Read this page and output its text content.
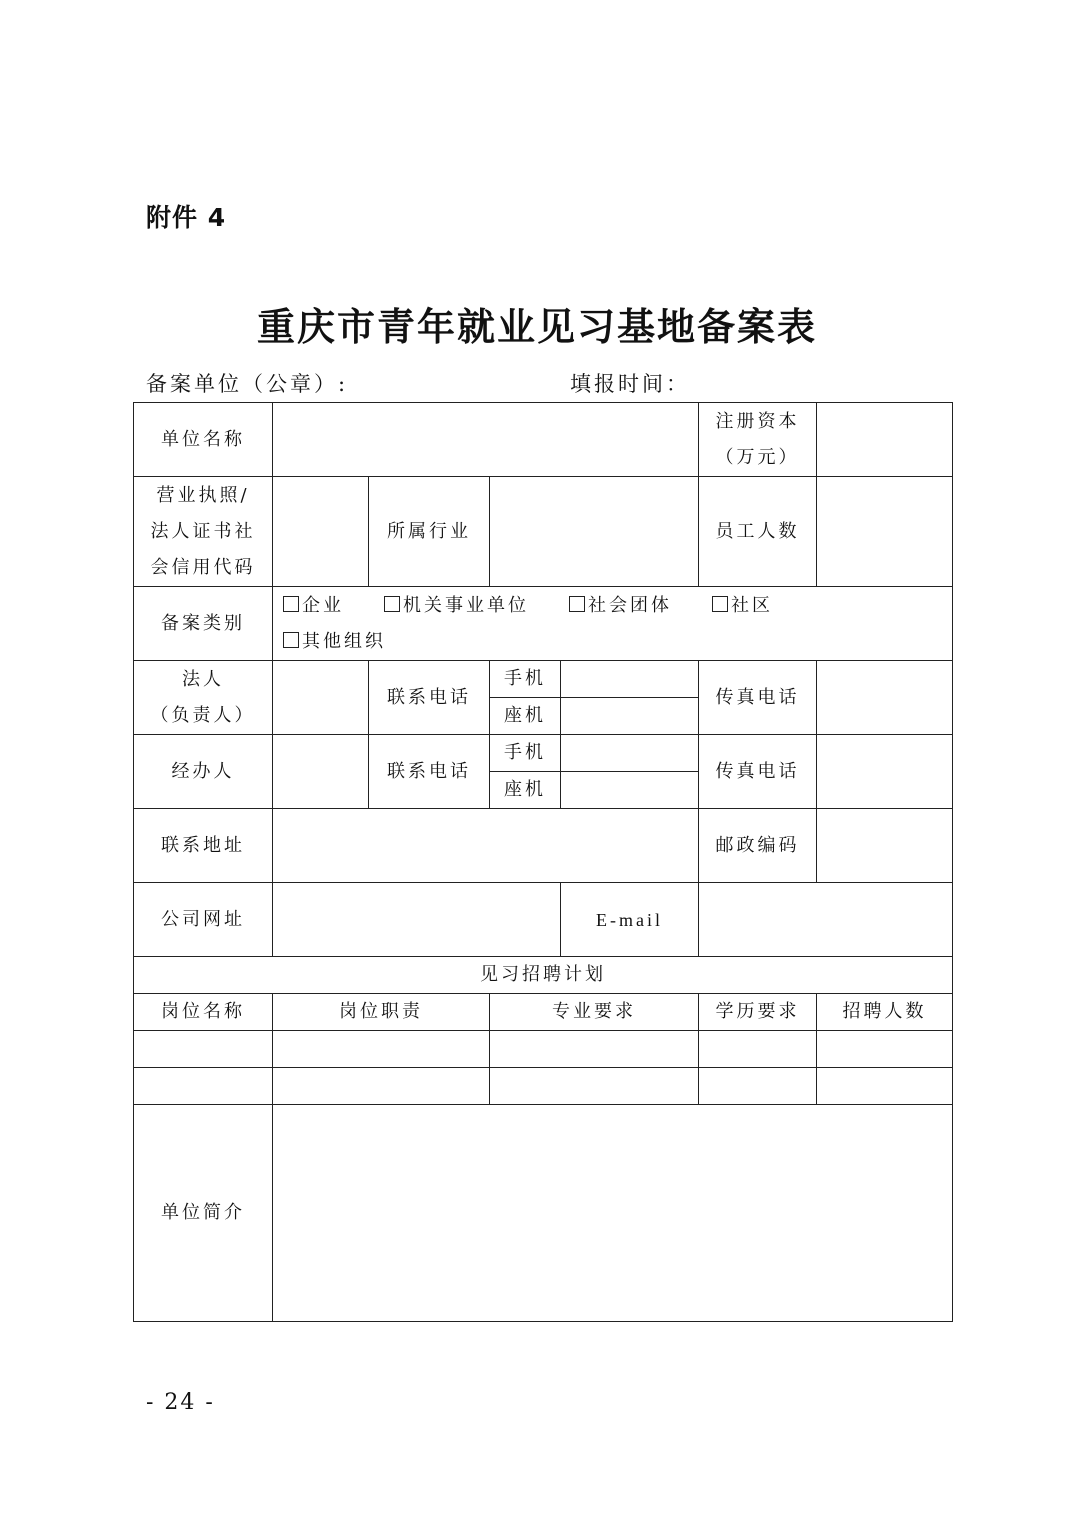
附件 4
重庆市青年就业见习基地备案表
备案单位（公章）:	填报时间：
单位名称					注册资本
（万元）	

营业执照/
法人证书社
会信用代码		所属行业			员工人数	
备案类别	企业 机关事业单位 社会团体 社区
其他组织					

法人
（负责人）		联系电话	手机		传真电话	
			座机			
经办人		联系电话	手机		传真电话	
			座机			
联系地址					邮政编码	
公司网址				E-mail		
见习招聘计划						
岗位名称	岗位职责		专业要求		学历要求	招聘人数

单位简介						
- 24 -
